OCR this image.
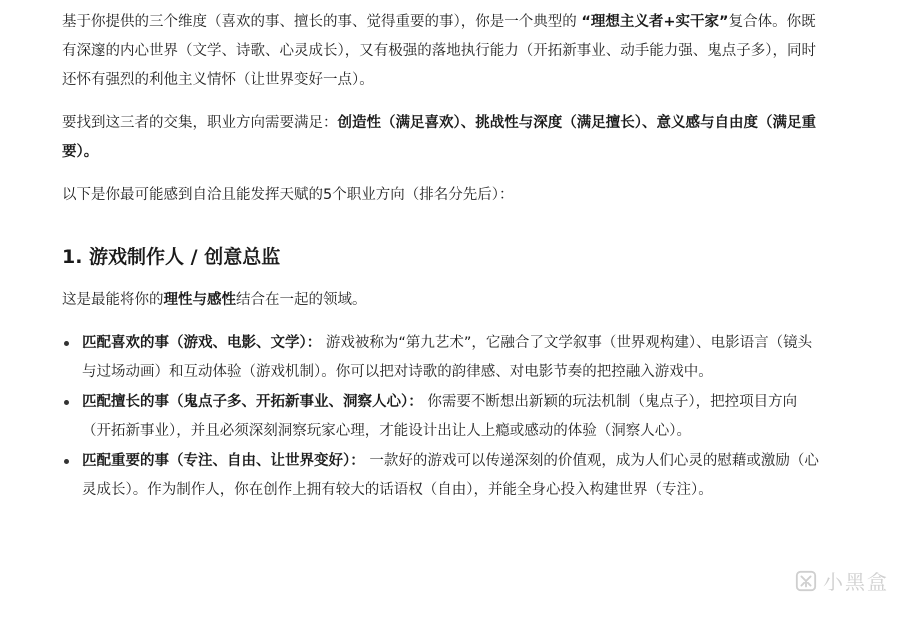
基于你提供的三个维度（喜欢的事、擅长的事、觉得重要的事），你是一个典型的 “理想主义者+实干家”复合体。你既有深邃的内心世界（文学、诗歌、心灵成长），又有极强的落地执行能力（开拓新事业、动手能力强、鬼点子多），同时还怀有强烈的利他主义情怀（让世界变好一点）。

要找到这三者的交集，职业方向需要满足：创造性（满足喜欢）、挑战性与深度（满足擅长）、意义感与自由度（满足重要）。

以下是你最可能感到自洽且能发挥天赋的5个职业方向（排名分先后）：

1. 游戏制作人 / 创意总监

这是最能将你的理性与感性结合在一起的领域。

匹配喜欢的事（游戏、电影、文学）： 游戏被称为“第九艺术”，它融合了文学叙事（世界观构建）、电影语言（镜头与过场动画）和互动体验（游戏机制）。你可以把对诗歌的韵律感、对电影节奏的把控融入游戏中。
匹配擅长的事（鬼点子多、开拓新事业、洞察人心）： 你需要不断想出新颖的玩法机制（鬼点子），把控项目方向（开拓新事业），并且必须深刻洞察玩家心理，才能设计出让人上瘾或感动的体验（洞察人心）。
匹配重要的事（专注、自由、让世界变好）： 一款好的游戏可以传递深刻的价值观，成为人们心灵的慰藉或激励（心灵成长）。作为制作人，你在创作上拥有较大的话语权（自由），并能全身心投入构建世界（专注）。
小黑盒
